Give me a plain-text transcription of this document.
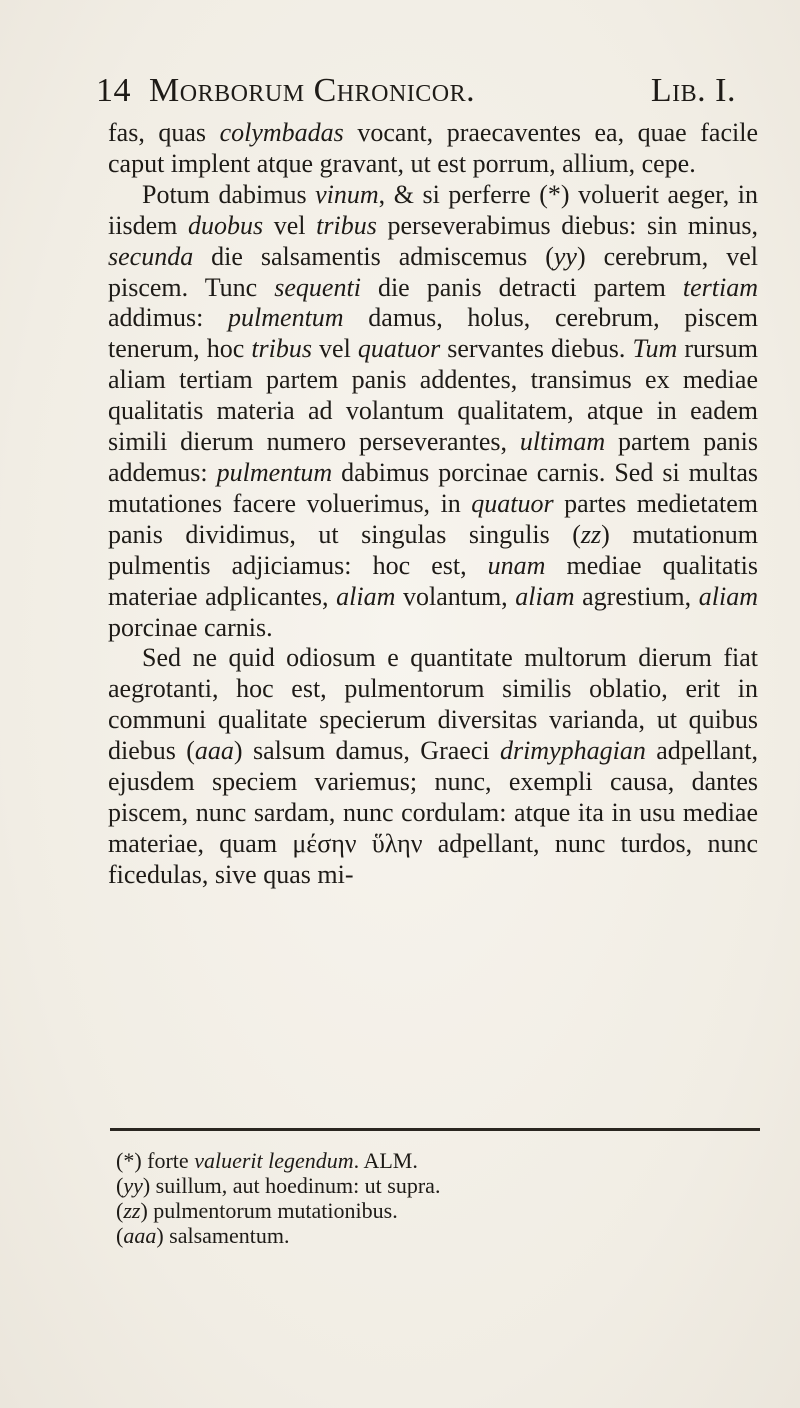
14 Morborum Chronicor.	Lib. I.

fas, quas colymbadas vocant, praecaventes ea, quae facile caput implent atque gravant, ut est porrum, allium, cepe.

Potum dabimus vinum, & si perferre (*) voluerit aeger, in iisdem duobus vel tribus perseverabimus diebus: sin minus, secunda die salsamentis admiscemus (yy) cerebrum, vel piscem. Tunc sequenti die panis detracti partem tertiam addimus: pulmentum damus, holus, cerebrum, piscem tenerum, hoc tribus vel quatuor servantes diebus. Tum rursum aliam tertiam partem panis addentes, transimus ex mediae qualitatis materia ad volantum qualitatem, atque in eadem simili dierum numero perseverantes, ultimam partem panis addemus: pulmentum dabimus porcinae carnis. Sed si multas mutationes facere voluerimus, in quatuor partes medietatem panis dividimus, ut singulas singulis (zz) mutationum pulmentis adjiciamus: hoc est, unam mediae qualitatis materiae adplicantes, aliam volantum, aliam agrestium, aliam porcinae carnis.

Sed ne quid odiosum e quantitate multorum dierum fiat aegrotanti, hoc est, pulmentorum similis oblatio, erit in communi qualitate specierum diversitas varianda, ut quibus diebus (aaa) salsum damus, Graeci drimyphagian adpellant, ejusdem speciem variemus; nunc, exempli causa, dantes piscem, nunc sardam, nunc cordulam: atque ita in usu mediae materiae, quam μέσην ὕλην adpellant, nunc turdos, nunc ficedulas, sive quas mi-

(*) forte valuerit legendum. ALM.
(yy) suillum, aut hoedinum: ut supra.
(zz) pulmentorum mutationibus.
(aaa) salsamentum.
